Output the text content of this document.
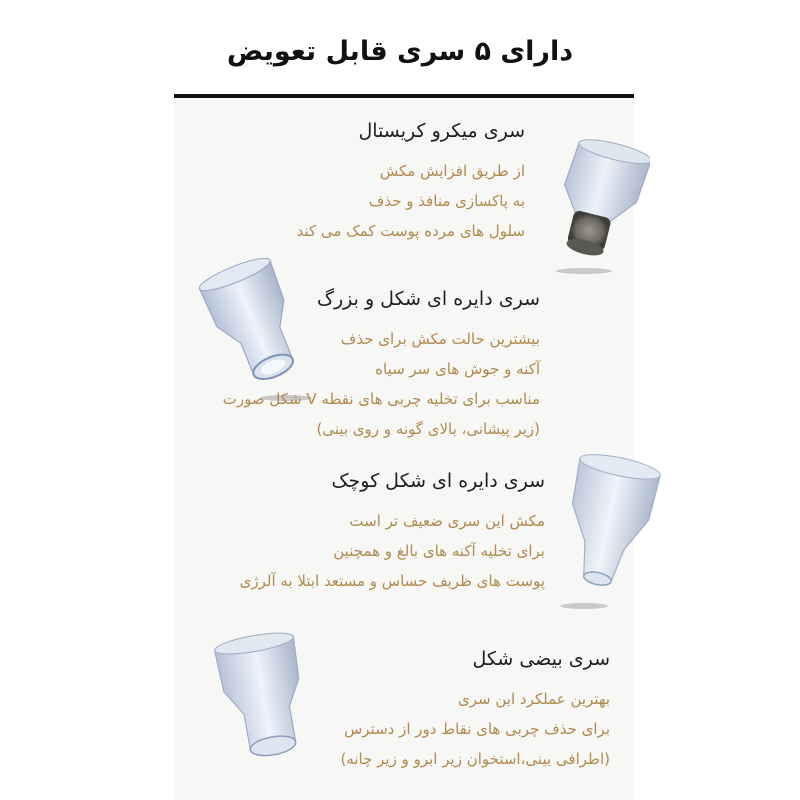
دارای ۵ سری قابل تعویض
سری میکرو کریستال
از طریق افزایش مکش
به پاکسازی منافذ و حذف
سلول های مرده پوست کمک می کند
سری دایره ای شکل و بزرگ
بیشترین حالت مکش برای حذف
آکنه و جوش های سر سیاه
مناسب برای تخلیه چربی های نقطه V شکل صورت
(زیر پیشانی، بالای گونه و روی بینی)
سری دایره ای شکل کوچک
مکش این سری ضعیف تر است
برای تخلیه آکنه های بالغ و همچنین
پوست های ظریف حساس و مستعد ابتلا به آلرژی
سری بیضی شکل
بهترین عملکرد این سری
برای حذف چربی های نقاط دور از دسترس
(اطرافی بینی،استخوان زیر ابرو و زیر چانه)
